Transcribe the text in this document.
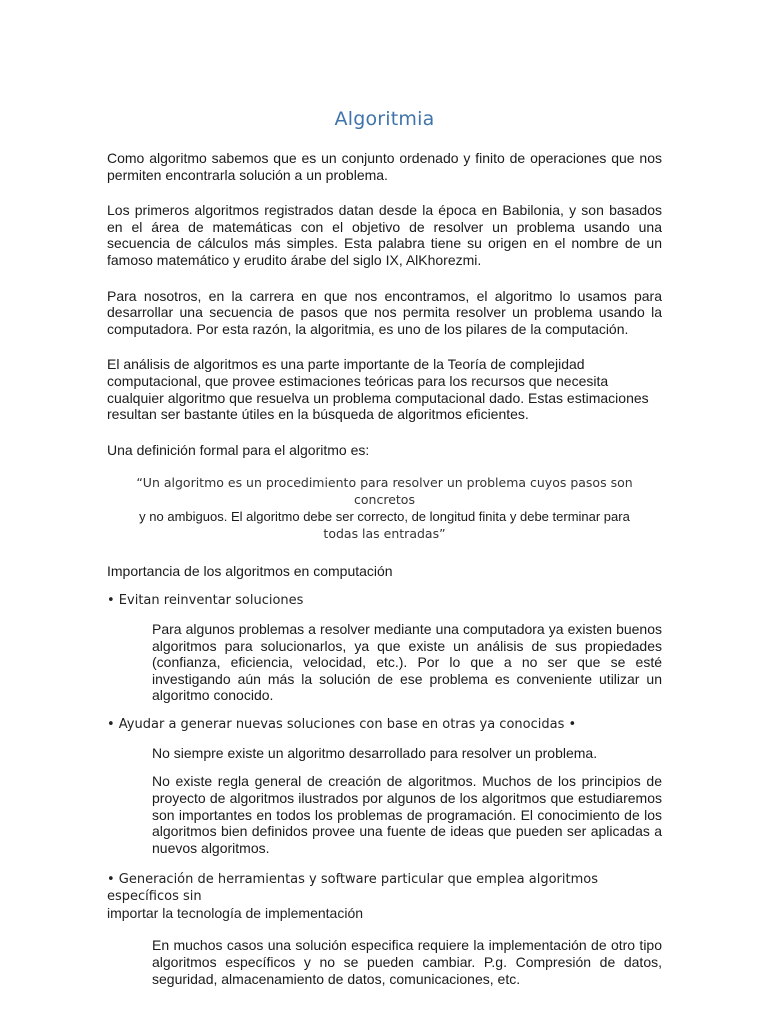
Algoritmia

Como algoritmo sabemos que es un conjunto ordenado y finito de operaciones que nos permiten encontrarla solución a un problema.

Los primeros algoritmos registrados datan desde la época en Babilonia, y son basados en el área de matemáticas con el objetivo de resolver un problema usando una secuencia de cálculos más simples. Esta palabra tiene su origen en el nombre de un famoso matemático y erudito árabe del siglo IX, AlKhorezmi.

Para nosotros, en la carrera en que nos encontramos, el algoritmo lo usamos para desarrollar una secuencia de pasos que nos permita resolver un problema usando la computadora. Por esta razón, la algoritmia, es uno de los pilares de la computación.

El análisis de algoritmos es una parte importante de la Teoría de complejidad computacional, que provee estimaciones teóricas para los recursos que necesita cualquier algoritmo que resuelva un problema computacional dado. Estas estimaciones resultan ser bastante útiles en la búsqueda de algoritmos eficientes.

Una definición formal para el algoritmo es:

“Un algoritmo es un procedimiento para resolver un problema cuyos pasos son concretos
y no ambiguos. El algoritmo debe ser correcto, de longitud finita y debe terminar para
todas las entradas”

Importancia de los algoritmos en computación

• Evitan reinventar soluciones

Para algunos problemas a resolver mediante una computadora ya existen buenos algoritmos para solucionarlos, ya que existe un análisis de sus propiedades (confianza, eficiencia, velocidad, etc.). Por lo que a no ser que se esté investigando aún más la solución de ese problema es conveniente utilizar un algoritmo conocido.

• Ayudar a generar nuevas soluciones con base en otras ya conocidas •

No siempre existe un algoritmo desarrollado para resolver un problema.

No existe regla general de creación de algoritmos. Muchos de los principios de proyecto de algoritmos ilustrados por algunos de los algoritmos que estudiaremos son importantes en todos los problemas de programación. El conocimiento de los algoritmos bien definidos provee una fuente de ideas que pueden ser aplicadas a nuevos algoritmos.

• Generación de herramientas y software particular que emplea algoritmos específicos sin
importar la tecnología de implementación

En muchos casos una solución especifica requiere la implementación de otro tipo algoritmos específicos y no se pueden cambiar. P.g. Compresión de datos, seguridad, almacenamiento de datos, comunicaciones, etc.
